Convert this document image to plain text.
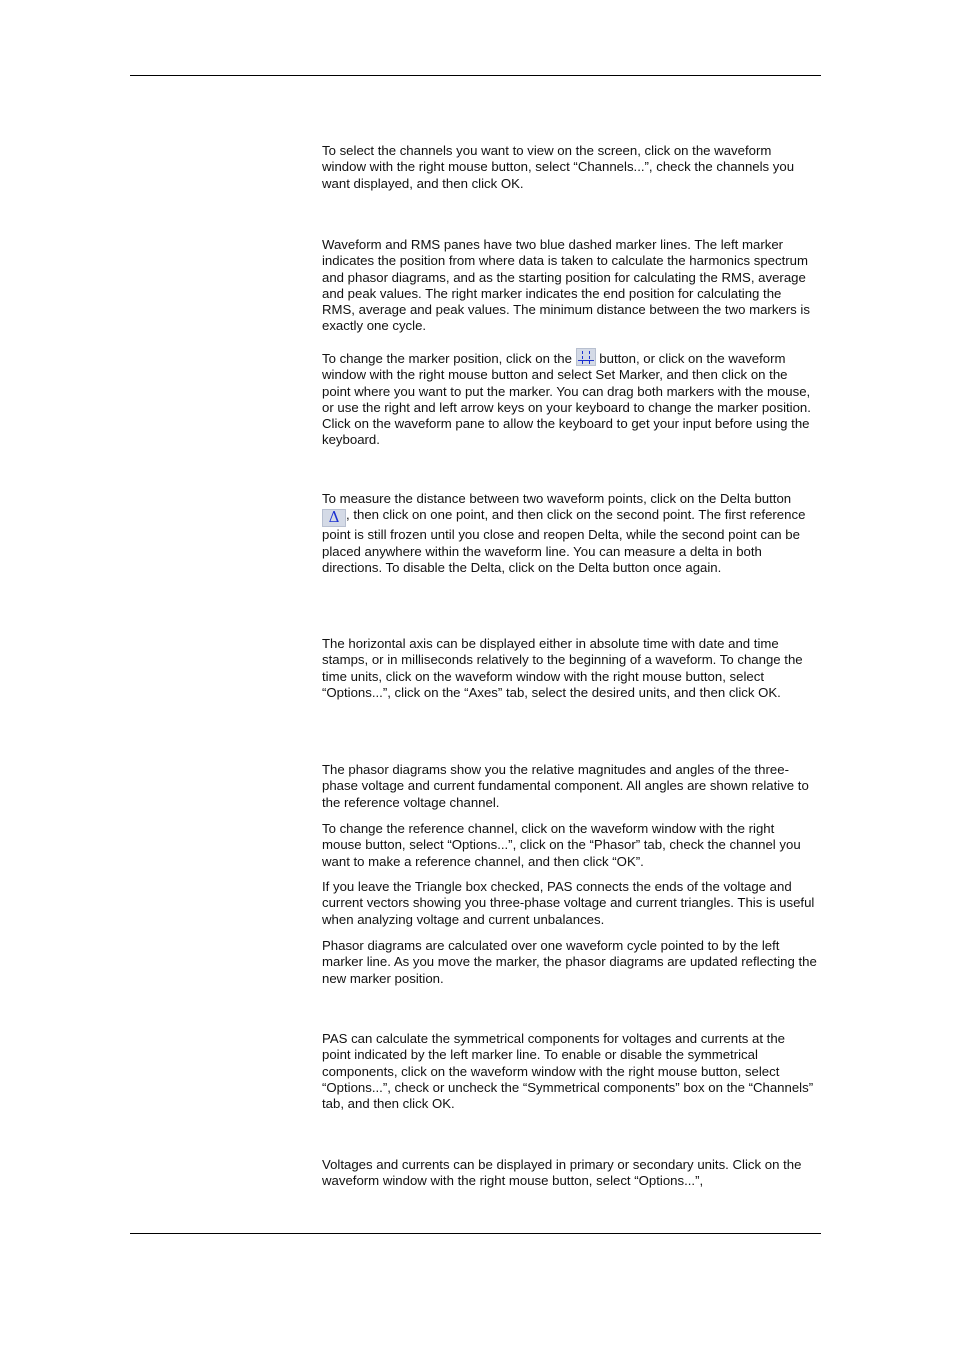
To select the channels you want to view on the screen, click on the waveform window with the right mouse button, select “Channels...”, check the channels you want displayed, and then click OK.

Waveform and RMS panes have two blue dashed marker lines. The left marker indicates the position from where data is taken to calculate the harmonics spectrum and phasor diagrams, and as the starting position for calculating the RMS, average and peak values. The right marker indicates the end position for calculating the RMS, average and peak values. The minimum distance between the two markers is exactly one cycle.

To change the marker position, click on the
button, or click on the waveform window with the right mouse button and select Set Marker, and then click on the point where you want to put the marker. You can drag both markers with the mouse, or use the right and left arrow keys on your keyboard to change the marker position. Click on the waveform pane to allow the keyboard to get your input before using the keyboard.

To measure the distance between two waveform points, click on the Delta button Δ , then click on one point, and then click on the second point. The first reference point is still frozen until you close and reopen Delta, while the second point can be placed anywhere within the waveform line. You can measure a delta in both directions. To disable the Delta, click on the Delta button once again.

The horizontal axis can be displayed either in absolute time with date and time stamps, or in milliseconds relatively to the beginning of a waveform. To change the time units, click on the waveform window with the right mouse button, select “Options...”, click on the “Axes” tab, select the desired units, and then click OK.

The phasor diagrams show you the relative magnitudes and angles of the three-phase voltage and current fundamental component. All angles are shown relative to the reference voltage channel.

To change the reference channel, click on the waveform window with the right mouse button, select “Options...”, click on the “Phasor” tab, check the channel you want to make a reference channel, and then click “OK”.

If you leave the Triangle box checked, PAS connects the ends of the voltage and current vectors showing you three-phase voltage and current triangles. This is useful when analyzing voltage and current unbalances.

Phasor diagrams are calculated over one waveform cycle pointed to by the left marker line. As you move the marker, the phasor diagrams are updated reflecting the new marker position.

PAS can calculate the symmetrical components for voltages and currents at the point indicated by the left marker line. To enable or disable the symmetrical components, click on the waveform window with the right mouse button, select “Options...”, check or uncheck the “Symmetrical components” box on the “Channels” tab, and then click OK.

Voltages and currents can be displayed in primary or secondary units. Click on the waveform window with the right mouse button, select “Options...”,
